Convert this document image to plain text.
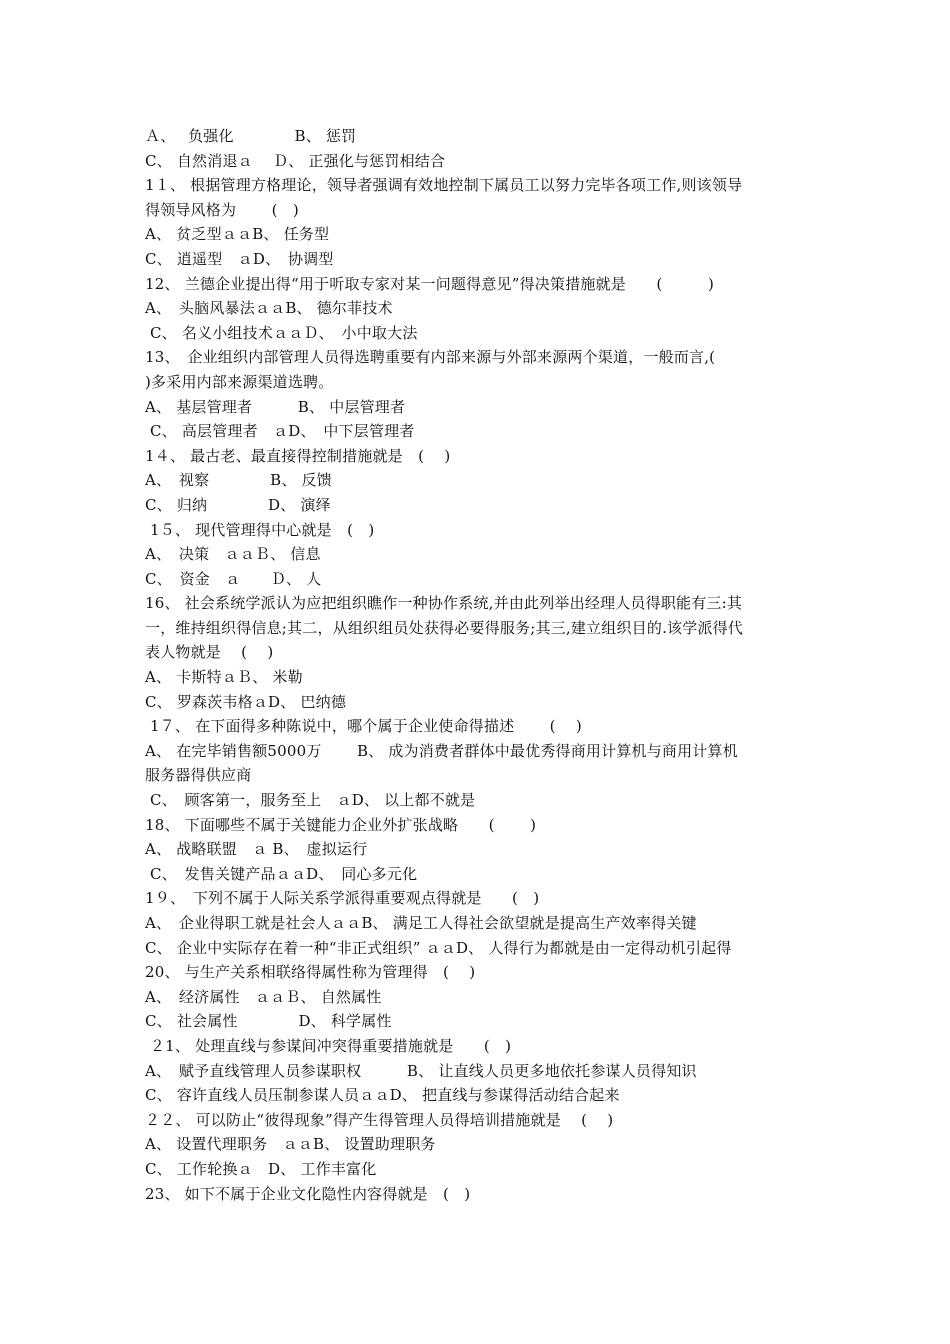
Ａ、　 负强化　　　　B、 惩罚
C、 自然消退ａ　 Ｄ、 正强化与惩罚相结合
1１、 根据管理方格理论，领导者强调有效地控制下属员工以努力完毕各项工作,则该领导
得领导风格为　　 (　)
A、 贫乏型ａａB、 任务型
C、 逍遥型　ａD、　协调型
12、 兰德企业提出得“用于听取专家对某一问题得意见”得决策措施就是　　(　　　)
A、　头脑风暴法ａａB、 德尔菲技术
C、 名义小组技术ａａＤ、　小中取大法
13、　企业组织内部管理人员得选聘重要有内部来源与外部来源两个渠道，一般而言,(
)多采用内部来源渠道选聘。
A、 基层管理者　　　B、 中层管理者
C、 高层管理者　ａD、　中下层管理者
1４、 最古老、最直接得控制措施就是　(　 )
A、　视察　　　　B、 反馈
C、 归纳　　　　D、 演绎
1５、 现代管理得中心就是　(　)
A、　决策　ａａＢ、 信息
C、　资金　ａ　　Ｄ、 人
16、 社会系统学派认为应把组织瞧作一种协作系统,并由此列举出经理人员得职能有三:其
一，维持组织得信息;其二，从组织组员处获得必要得服务;其三,建立组织目的.该学派得代
表人物就是　 (　 )
A、 卡斯特ａＢ、 米勒
C、 罗森茨韦格ａD、 巴纳德
1７、 在下面得多种陈说中，哪个属于企业使命得描述　　 (　 )
A、 在完毕销售额5000万　　 B、 成为消费者群体中最优秀得商用计算机与商用计算机
服务器得供应商
C、　顾客第一，服务至上　ａD、 以上都不就是
18、 下面哪些不属于关键能力企业外扩张战略　　(　　 )
A、 战略联盟　ａ B、　虚拟运行
C、　发售关键产品ａａD、　同心多元化
1９、　下列不属于人际关系学派得重要观点得就是　　(　)
A、　企业得职工就是社会人ａａB、 满足工人得社会欲望就是提高生产效率得关键
C、 企业中实际存在着一种“非正式组织” ａａD、 人得行为都就是由一定得动机引起得
20、 与生产关系相联络得属性称为管理得　(　 )
A、　经济属性　ａａＢ、 自然属性
C、 社会属性　　　　D、 科学属性
２1、 处理直线与参谋间冲突得重要措施就是　　(　)
A、　赋予直线管理人员参谋职权　　　B、 让直线人员更多地依托参谋人员得知识
C、 容许直线人员压制参谋人员ａａD、 把直线与参谋得活动结合起来
２２、 可以防止“彼得现象”得产生得管理人员得培训措施就是　 (　 )
A、 设置代理职务　ａａB、 设置助理职务
C、 工作轮换ａ　D、 工作丰富化
23、 如下不属于企业文化隐性内容得就是　(　)
